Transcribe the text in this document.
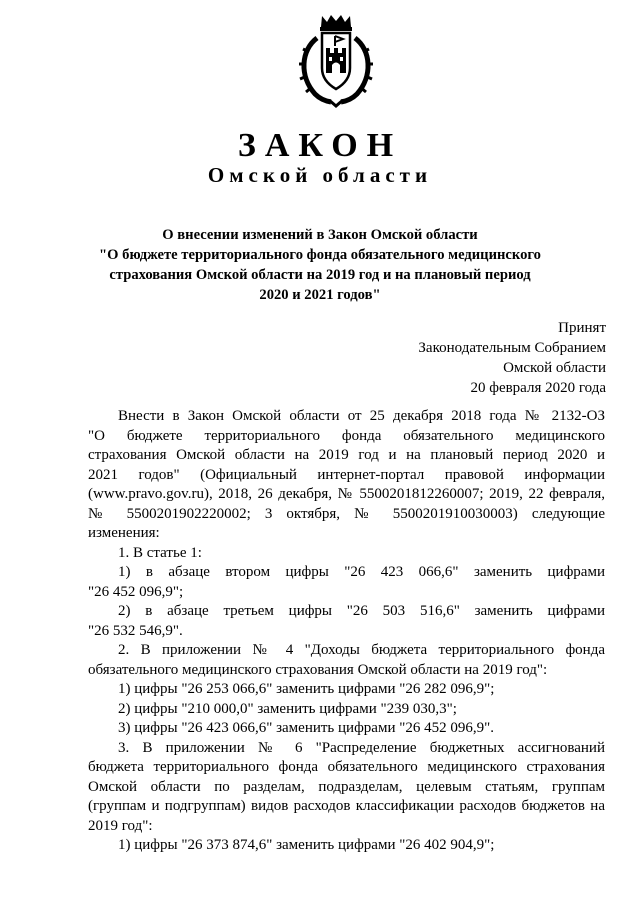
ЗАКОН
Омской области
О внесении изменений в Закон Омской области
"О бюджете территориального фонда обязательного медицинского
страхования Омской области на 2019 год и на плановый период
2020 и 2021 годов"
Принят
Законодательным Собранием
Омской области
20 февраля 2020 года
Внести в Закон Омской области от 25 декабря 2018 года № 2132-ОЗ
"О бюджете территориального фонда обязательного медицинского
страхования Омской области на 2019 год и на плановый период 2020 и
2021 годов" (Официальный интернет-портал правовой информации
(www.pravo.gov.ru), 2018, 26 декабря, № 5500201812260007; 2019, 22 февраля,
№ 5500201902220002; 3 октября, № 5500201910030003) следующие
изменения:
1. В статье 1:
1) в абзаце втором цифры "26 423 066,6" заменить цифрами
"26 452 096,9";
2) в абзаце третьем цифры "26 503 516,6" заменить цифрами
"26 532 546,9".
2. В приложении № 4 "Доходы бюджета территориального фонда
обязательного медицинского страхования Омской области на 2019 год":
1) цифры "26 253 066,6" заменить цифрами "26 282 096,9";
2) цифры "210 000,0" заменить цифрами "239 030,3";
3) цифры "26 423 066,6" заменить цифрами "26 452 096,9".
3. В приложении № 6 "Распределение бюджетных ассигнований
бюджета территориального фонда обязательного медицинского страхования
Омской области по разделам, подразделам, целевым статьям, группам
(группам и подгруппам) видов расходов классификации расходов бюджетов на
2019 год":
1) цифры "26 373 874,6" заменить цифрами "26 402 904,9";
